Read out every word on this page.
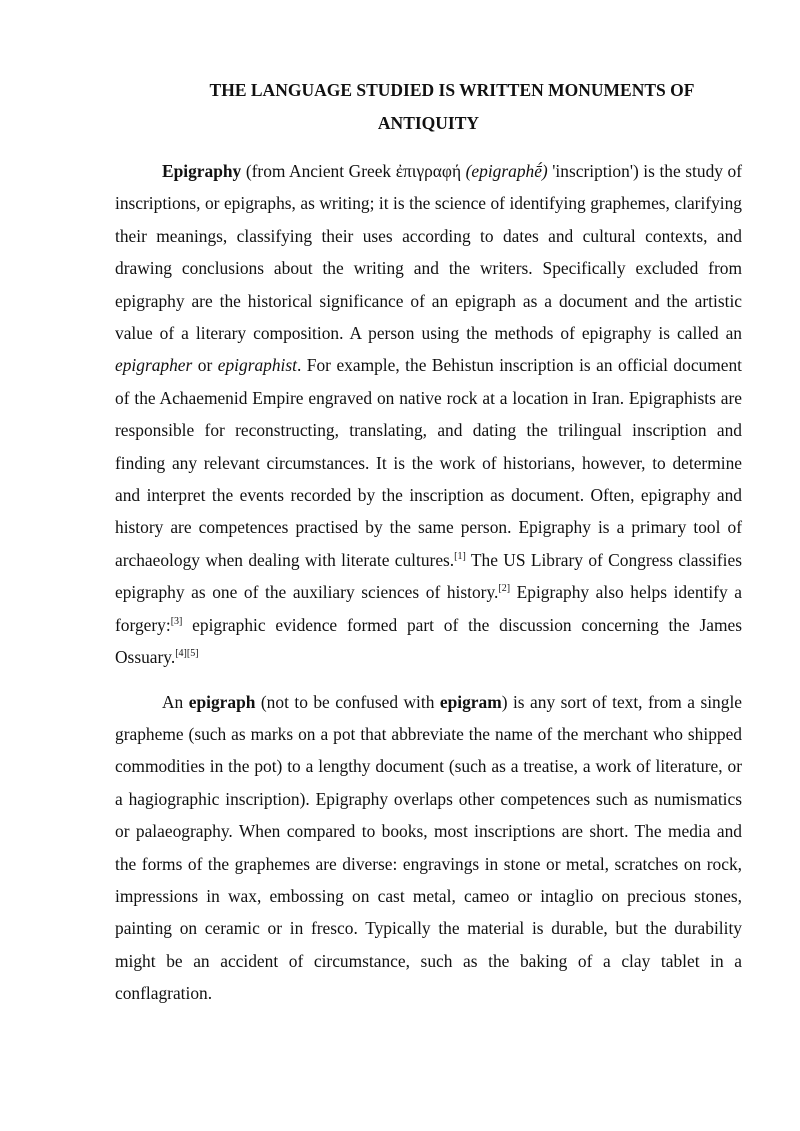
THE LANGUAGE STUDIED IS WRITTEN MONUMENTS OF
ANTIQUITY

Epigraphy (from Ancient Greek ἐπιγραφή (epigraphḗ) 'inscription') is the study of inscriptions, or epigraphs, as writing; it is the science of identifying graphemes, clarifying their meanings, classifying their uses according to dates and cultural contexts, and drawing conclusions about the writing and the writers. Specifically excluded from epigraphy are the historical significance of an epigraph as a document and the artistic value of a literary composition. A person using the methods of epigraphy is called an epigrapher or epigraphist. For example, the Behistun inscription is an official document of the Achaemenid Empire engraved on native rock at a location in Iran. Epigraphists are responsible for reconstructing, translating, and dating the trilingual inscription and finding any relevant circumstances. It is the work of historians, however, to determine and interpret the events recorded by the inscription as document. Often, epigraphy and history are competences practised by the same person. Epigraphy is a primary tool of archaeology when dealing with literate cultures.[1] The US Library of Congress classifies epigraphy as one of the auxiliary sciences of history.[2] Epigraphy also helps identify a forgery:[3] epigraphic evidence formed part of the discussion concerning the James Ossuary.[4][5]

An epigraph (not to be confused with epigram) is any sort of text, from a single grapheme (such as marks on a pot that abbreviate the name of the merchant who shipped commodities in the pot) to a lengthy document (such as a treatise, a work of literature, or a hagiographic inscription). Epigraphy overlaps other competences such as numismatics or palaeography. When compared to books, most inscriptions are short. The media and the forms of the graphemes are diverse: engravings in stone or metal, scratches on rock, impressions in wax, embossing on cast metal, cameo or intaglio on precious stones, painting on ceramic or in fresco. Typically the material is durable, but the durability might be an accident of circumstance, such as the baking of a clay tablet in a conflagration.
